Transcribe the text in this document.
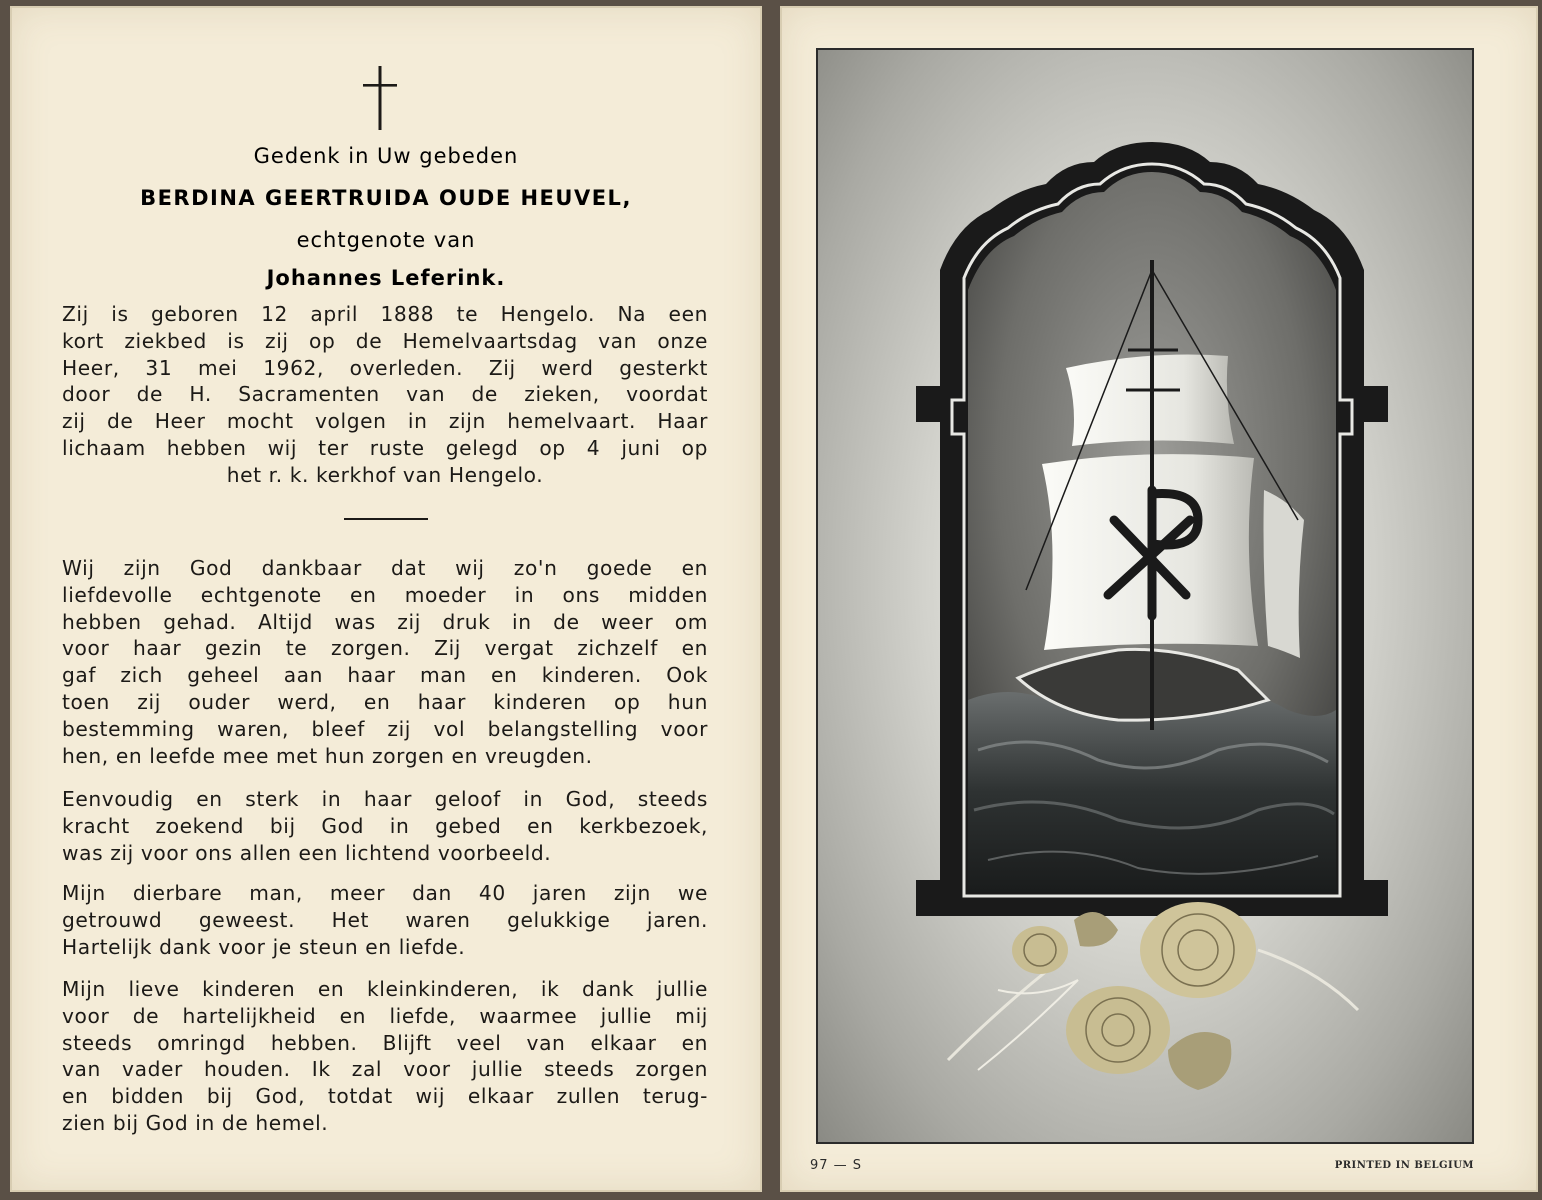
Gedenk in Uw gebeden
BERDINA GEERTRUIDA OUDE HEUVEL,
echtgenote van
Johannes Leferink.
Zij is geboren 12 april 1888 te Hengelo. Na een
kort ziekbed is zij op de Hemelvaartsdag van onze
Heer, 31 mei 1962, overleden. Zij werd gesterkt
door de H. Sacramenten van de zieken, voordat
zij de Heer mocht volgen in zijn hemelvaart. Haar
lichaam hebben wij ter ruste gelegd op 4 juni op
het r. k. kerkhof van Hengelo.
Wij zijn God dankbaar dat wij zo'n goede en
liefdevolle echtgenote en moeder in ons midden
hebben gehad. Altijd was zij druk in de weer om
voor haar gezin te zorgen. Zij vergat zichzelf en
gaf zich geheel aan haar man en kinderen. Ook
toen zij ouder werd, en haar kinderen op hun
bestemming waren, bleef zij vol belangstelling voor
hen, en leefde mee met hun zorgen en vreugden.
Eenvoudig en sterk in haar geloof in God, steeds
kracht zoekend bij God in gebed en kerkbezoek,
was zij voor ons allen een lichtend voorbeeld.
Mijn dierbare man, meer dan 40 jaren zijn we
getrouwd geweest. Het waren gelukkige jaren.
Hartelijk dank voor je steun en liefde.
Mijn lieve kinderen en kleinkinderen, ik dank jullie
voor de hartelijkheid en liefde, waarmee jullie mij
steeds omringd hebben. Blijft veel van elkaar en
van vader houden. Ik zal voor jullie steeds zorgen
en bidden bij God, totdat wij elkaar zullen terug-
zien bij God in de hemel.
97 — S	PRINTED IN BELGIUM
